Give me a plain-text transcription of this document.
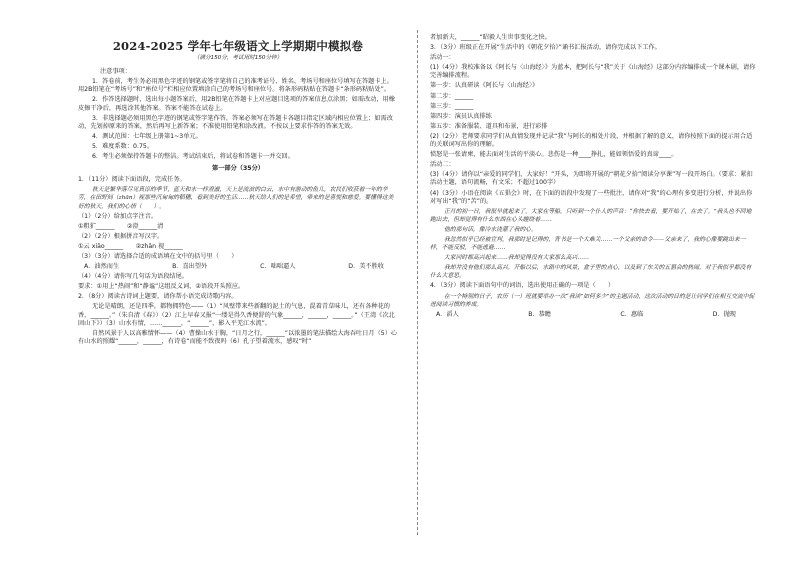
2024-2025 学年七年级语文上学期期中模拟卷
（满分150分，考试用时150分钟）
注意事项：

1．答卷前，考生务必用黑色字迹的钢笔或签字笔将自己的准考证号、姓名、考场号和座位号填写在答题卡上。用2B铅笔在“考场号”和“座位号”栏相应位置填涂自己的考场号和座位号。将条形码粘贴在答题卡“条形码粘贴处”。

2．作答选择题时，选出每小题答案后，用2B铅笔在答题卡上对应题目选项的答案信息点涂黑；如需改动，用橡皮擦干净后，再选涂其他答案。答案不能答在试卷上。

3．非选择题必须用黑色字迹的钢笔或签字笔作答，答案必须写在答题卡各题目指定区域内相应位置上；如需改动，先划掉原来的答案，然后再写上新答案；不准使用铅笔和涂改液。不按以上要求作答的答案无效。

4．测试范围：七年级上册第1~3单元。

5．难度系数：0.75。

6．考生必须保持答题卡的整洁。考试结束后，将试卷和答题卡一并交回。

第一部分（35分）

1．（11分）阅读下面语段，完成任务。

秋天是繁华落尽见真淳的季节，蓝天和水一样澄澈，天上是流浪的白云，水中有游动的鱼儿，农民们收获着一年的辛劳，在田野间（zhān）视那些沉甸甸的稻穗，看到美好的生活……秋天给人们的是希望，带来的是喜悦和慈爱。要懂得这美好的秋天，我们的心情（　　）。

（1）（2分）给加点字注音。

①粗犷______　　②澄______清

（2）（2分）根据拼音写汉字。

①云 xiāo______　　②zhān 视______

（3）（3分）请选择合适的成语填在文中的括号里（　　）

A．油然而生	B．喜出望外	C．咄咄逼人	D．美不胜收

（4）（4分）请你写几句话为语段结尾。

要求：①用上“热闹”和“静谧”这组反义词，②语段开头照应。

2．（8分）阅读古诗词上题要，请你帮小语完成诗歌内容。

无论是晴朗，还是四季，都物拥特色——（1）“风壁带来些新翻的泥土的气息，混着青草味儿，还有各种花的香，______。”（朱自清《春》）（2）江上早春又报“一缕是得久香便舒的气象______，______，______。”（王湾《次北固山下》）（3）山水有情，……______，“______”，影入平羌江水流”。

自然风景于人以高雅情怀——（4）曹操山水于胸，“日月之行，______”以浓墨的笔法描绘大海吞吐日月（5）心有山水的照耀“______，______，有诗卷“而能不致夜吗（6）孔子望着流水，感叹“时”

者加新夫，______“昭毅人生世事变化之快。

3．（3分）班级正在开展“生活中的《朝花夕拾》”诵书汇报活动，请你完成以下工作。

活动一：

(1)（4分）我校准备以《阿长与〈山海经〉》为蓝本，把阿长与“我”关于《山海经》这部分内容编排成一个课本剧，请你完善编排流程。

第一步：认真研读《阿长与〈山海经〉》

第二步：______

第三步：______

第四步：演员认真排练

第五步：准备服装、道具和布景，进行彩排

(2)（2分）老师要求同学们从真情发现并记录“我”与阿长的相处片段，并根据了解的意义，请你按照下面的提示用合适的关联词写出你的理解。

愤怒是一张请柬，能去面对生活的平淡心。悲伤是一种____挣扎，能如领悟爱的真谛____。

活动二：

(3)（4分）请你以“亲爱的同学们，大家好！”开头，为即将开展的“朝花夕拾”阅读分享课”写一段开场白。（要求：紧扣活动主题，语句流畅，有文采；不超过100字）

(4)（3分）小语在阅读《五猖会》时，在下面的语段中发现了一些批注，请你对“我”的心理有多变进行分析，并说出你对写出“我”的“苦”的。

正月的初一日，我很早就起来了。大家在等船，只听到一个仆人的声音：“你快去看，要开始了，在去了。”我头也不回地跑出去，但却觉得有什么东西在心头缠绕着……

他的那句话，像冷水浇灌了我的心。

我忽然似乎已经被宣判，我那时是记得的，背书是一个大难关……一个父亲的命令——父亲来了，我的心像要跳出来一样，不能反驳，不能逃避……

大家同时都高兴起来……我却觉得没有大家那么高兴……

我却并没有他们那么高兴。开船以后，水路中的风景，盒子里的点心，以及到了东关的五猖会的热闹，对于我似乎都没有什么大意思。

4．（3分）阅读下面语句中的词语，选出使用正确的一项是（　　）

在一个特别的日子，农历（一）班就要举办一次“我读”如何多少”的主题活动，这次活动的目的是让同学们在相互交流中促进阅读习惯的养成。

A．滔人	B．恭瞻	C．惠临	D．抛现
